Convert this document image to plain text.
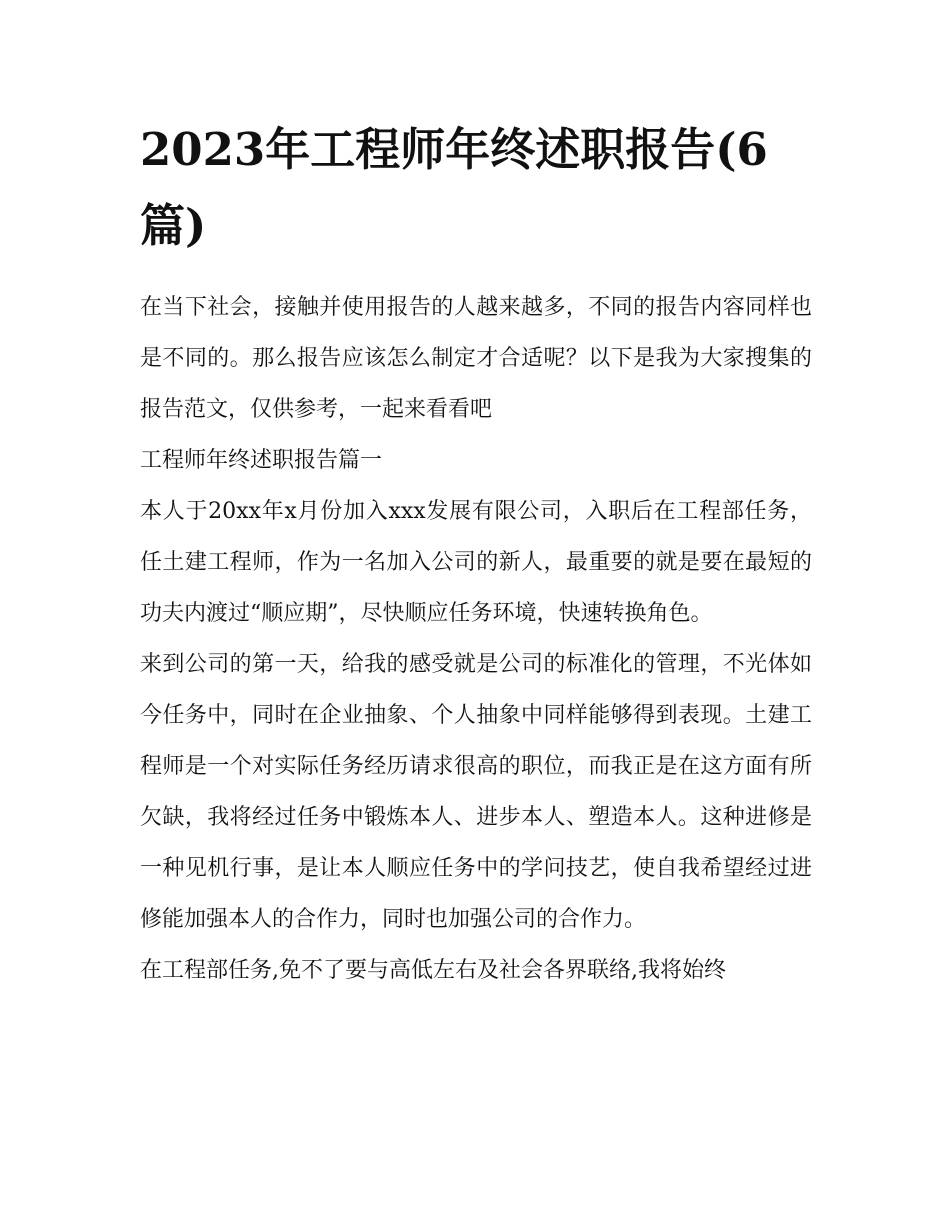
2023年工程师年终述职报告(6篇)

在当下社会，接触并使用报告的人越来越多，不同的报告内容同样也是不同的。那么报告应该怎么制定才合适呢？以下是我为大家搜集的报告范文，仅供参考，一起来看看吧

工程师年终述职报告篇一

本人于20xx年x月份加入xxx发展有限公司，入职后在工程部任务，任土建工程师，作为一名加入公司的新人，最重要的就是要在最短的功夫内渡过“顺应期”，尽快顺应任务环境，快速转换角色。

来到公司的第一天，给我的感受就是公司的标准化的管理，不光体如今任务中，同时在企业抽象、个人抽象中同样能够得到表现。土建工程师是一个对实际任务经历请求很高的职位，而我正是在这方面有所欠缺，我将经过任务中锻炼本人、进步本人、塑造本人。这种进修是一种见机行事，是让本人顺应任务中的学问技艺，使自我希望经过进修能加强本人的合作力，同时也加强公司的合作力。

在工程部任务,免不了要与高低左右及社会各界联络,我将始终
